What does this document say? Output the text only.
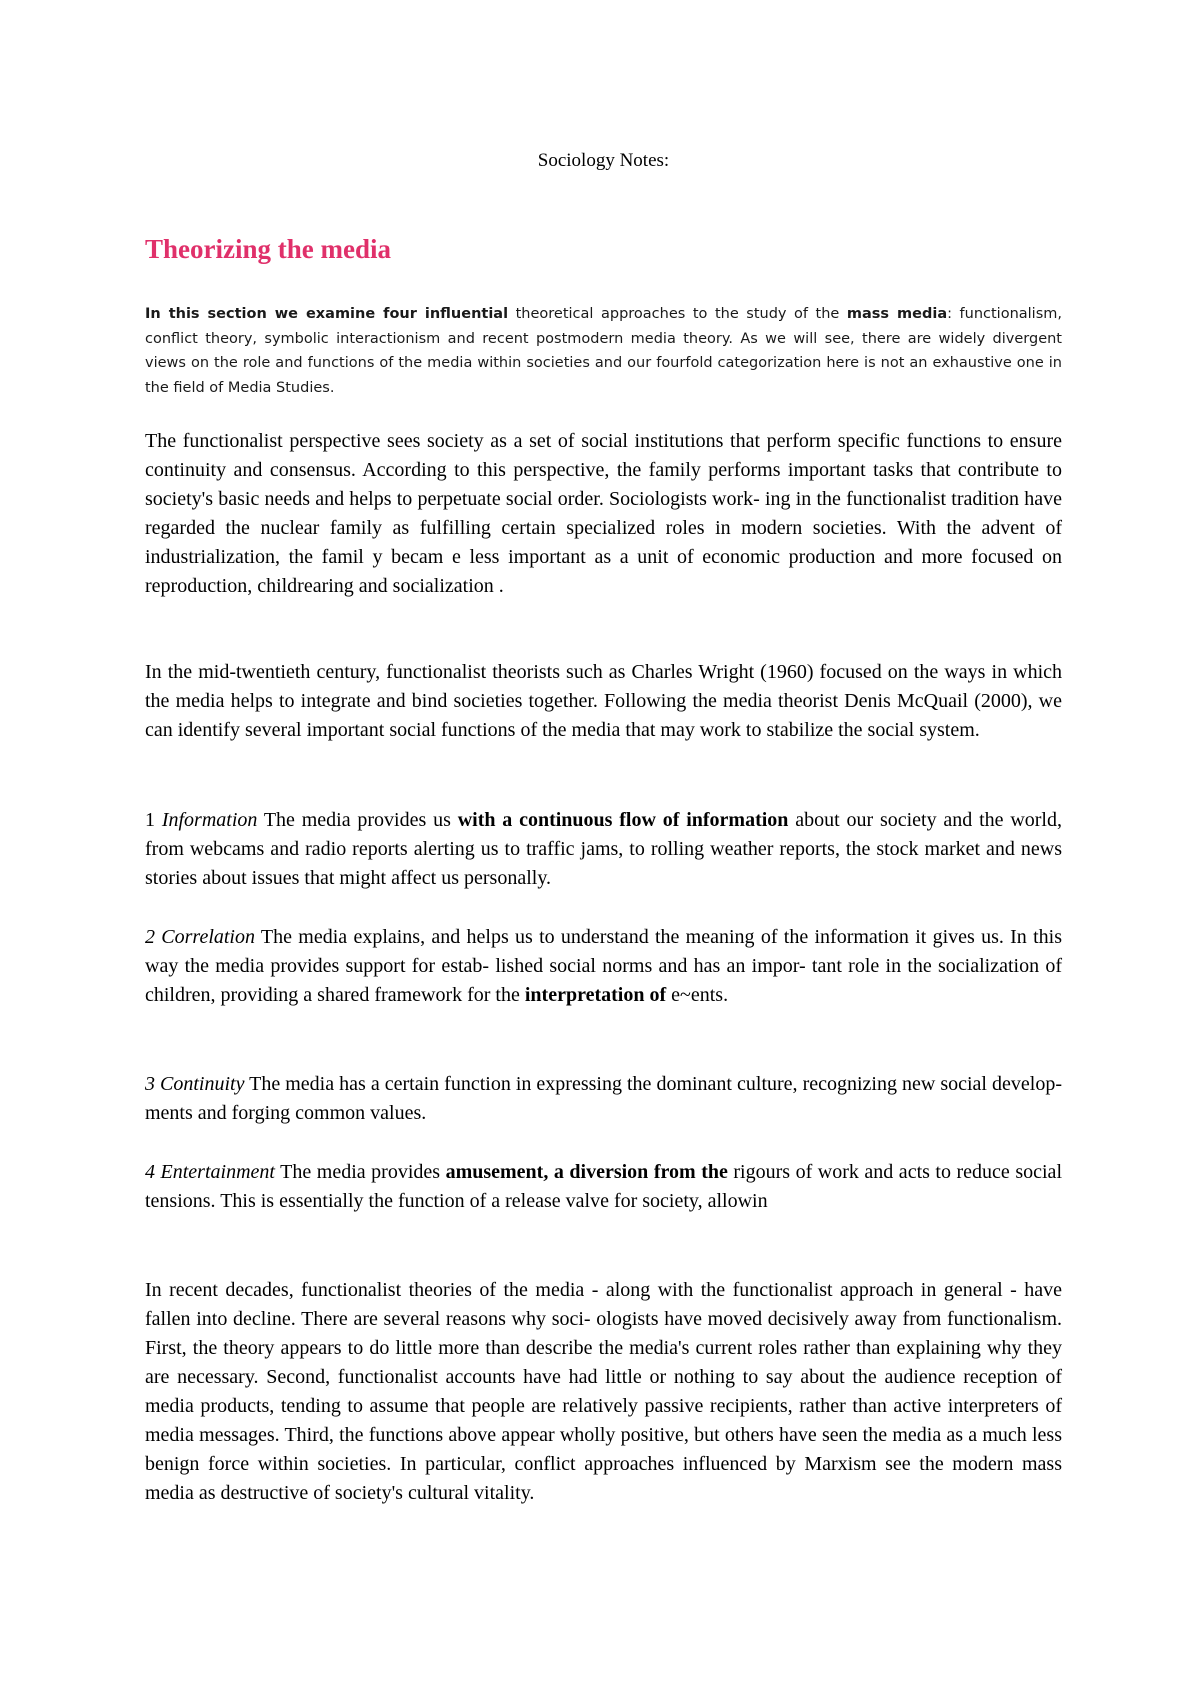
Sociology Notes:
Theorizing the media

In this section we examine four influential theoretical approaches to the study of the mass media: functionalism, conflict theory, symbolic interactionism and recent postmodern media theory. As we will see, there are widely divergent views on the role and functions of the media within societies and our fourfold categorization here is not an exhaustive one in the field of Media Studies.

The functionalist perspective sees society as a set of social institutions that perform specific functions to ensure continuity and consensus. According to this perspective, the family performs important tasks that contribute to society's basic needs and helps to perpetuate social order. Sociologists work- ing in the functionalist tradition have regarded the nuclear family as fulfilling certain specialized roles in modern societies. With the advent of industrialization, the famil y becam e less important as a unit of economic production and more focused on reproduction, childrearing and socialization .

In the mid-twentieth century, functionalist theorists such as Charles Wright (1960) focused on the ways in which the media helps to integrate and bind societies together. Following the media theorist Denis McQuail (2000), we can identify several important social functions of the media that may work to stabilize the social system.

1 Information The media provides us with a continuous flow of information about our society and the world, from webcams and radio reports alerting us to traffic jams, to rolling weather reports, the stock market and news stories about issues that might affect us personally.

2 Correlation The media explains, and helps us to understand the meaning of the information it gives us. In this way the media provides support for estab- lished social norms and has an impor- tant role in the socialization of children, providing a shared framework for the interpretation of e~ents.

3 Continuity The media has a certain function in expressing the dominant culture, recognizing new social develop- ments and forging common values.

4 Entertainment The media provides amusement, a diversion from the rigours of work and acts to reduce social tensions. This is essentially the function of a release valve for society, allowin

In recent decades, functionalist theories of the media - along with the functionalist approach in general - have fallen into decline. There are several reasons why soci- ologists have moved decisively away from functionalism. First, the theory appears to do little more than describe the media's current roles rather than explaining why they are necessary. Second, functionalist accounts have had little or nothing to say about the audience reception of media products, tending to assume that people are relatively passive recipients, rather than active interpreters of media messages. Third, the functions above appear wholly positive, but others have seen the media as a much less benign force within societies. In particular, conflict approaches influenced by Marxism see the modern mass media as destructive of society's cultural vitality.
